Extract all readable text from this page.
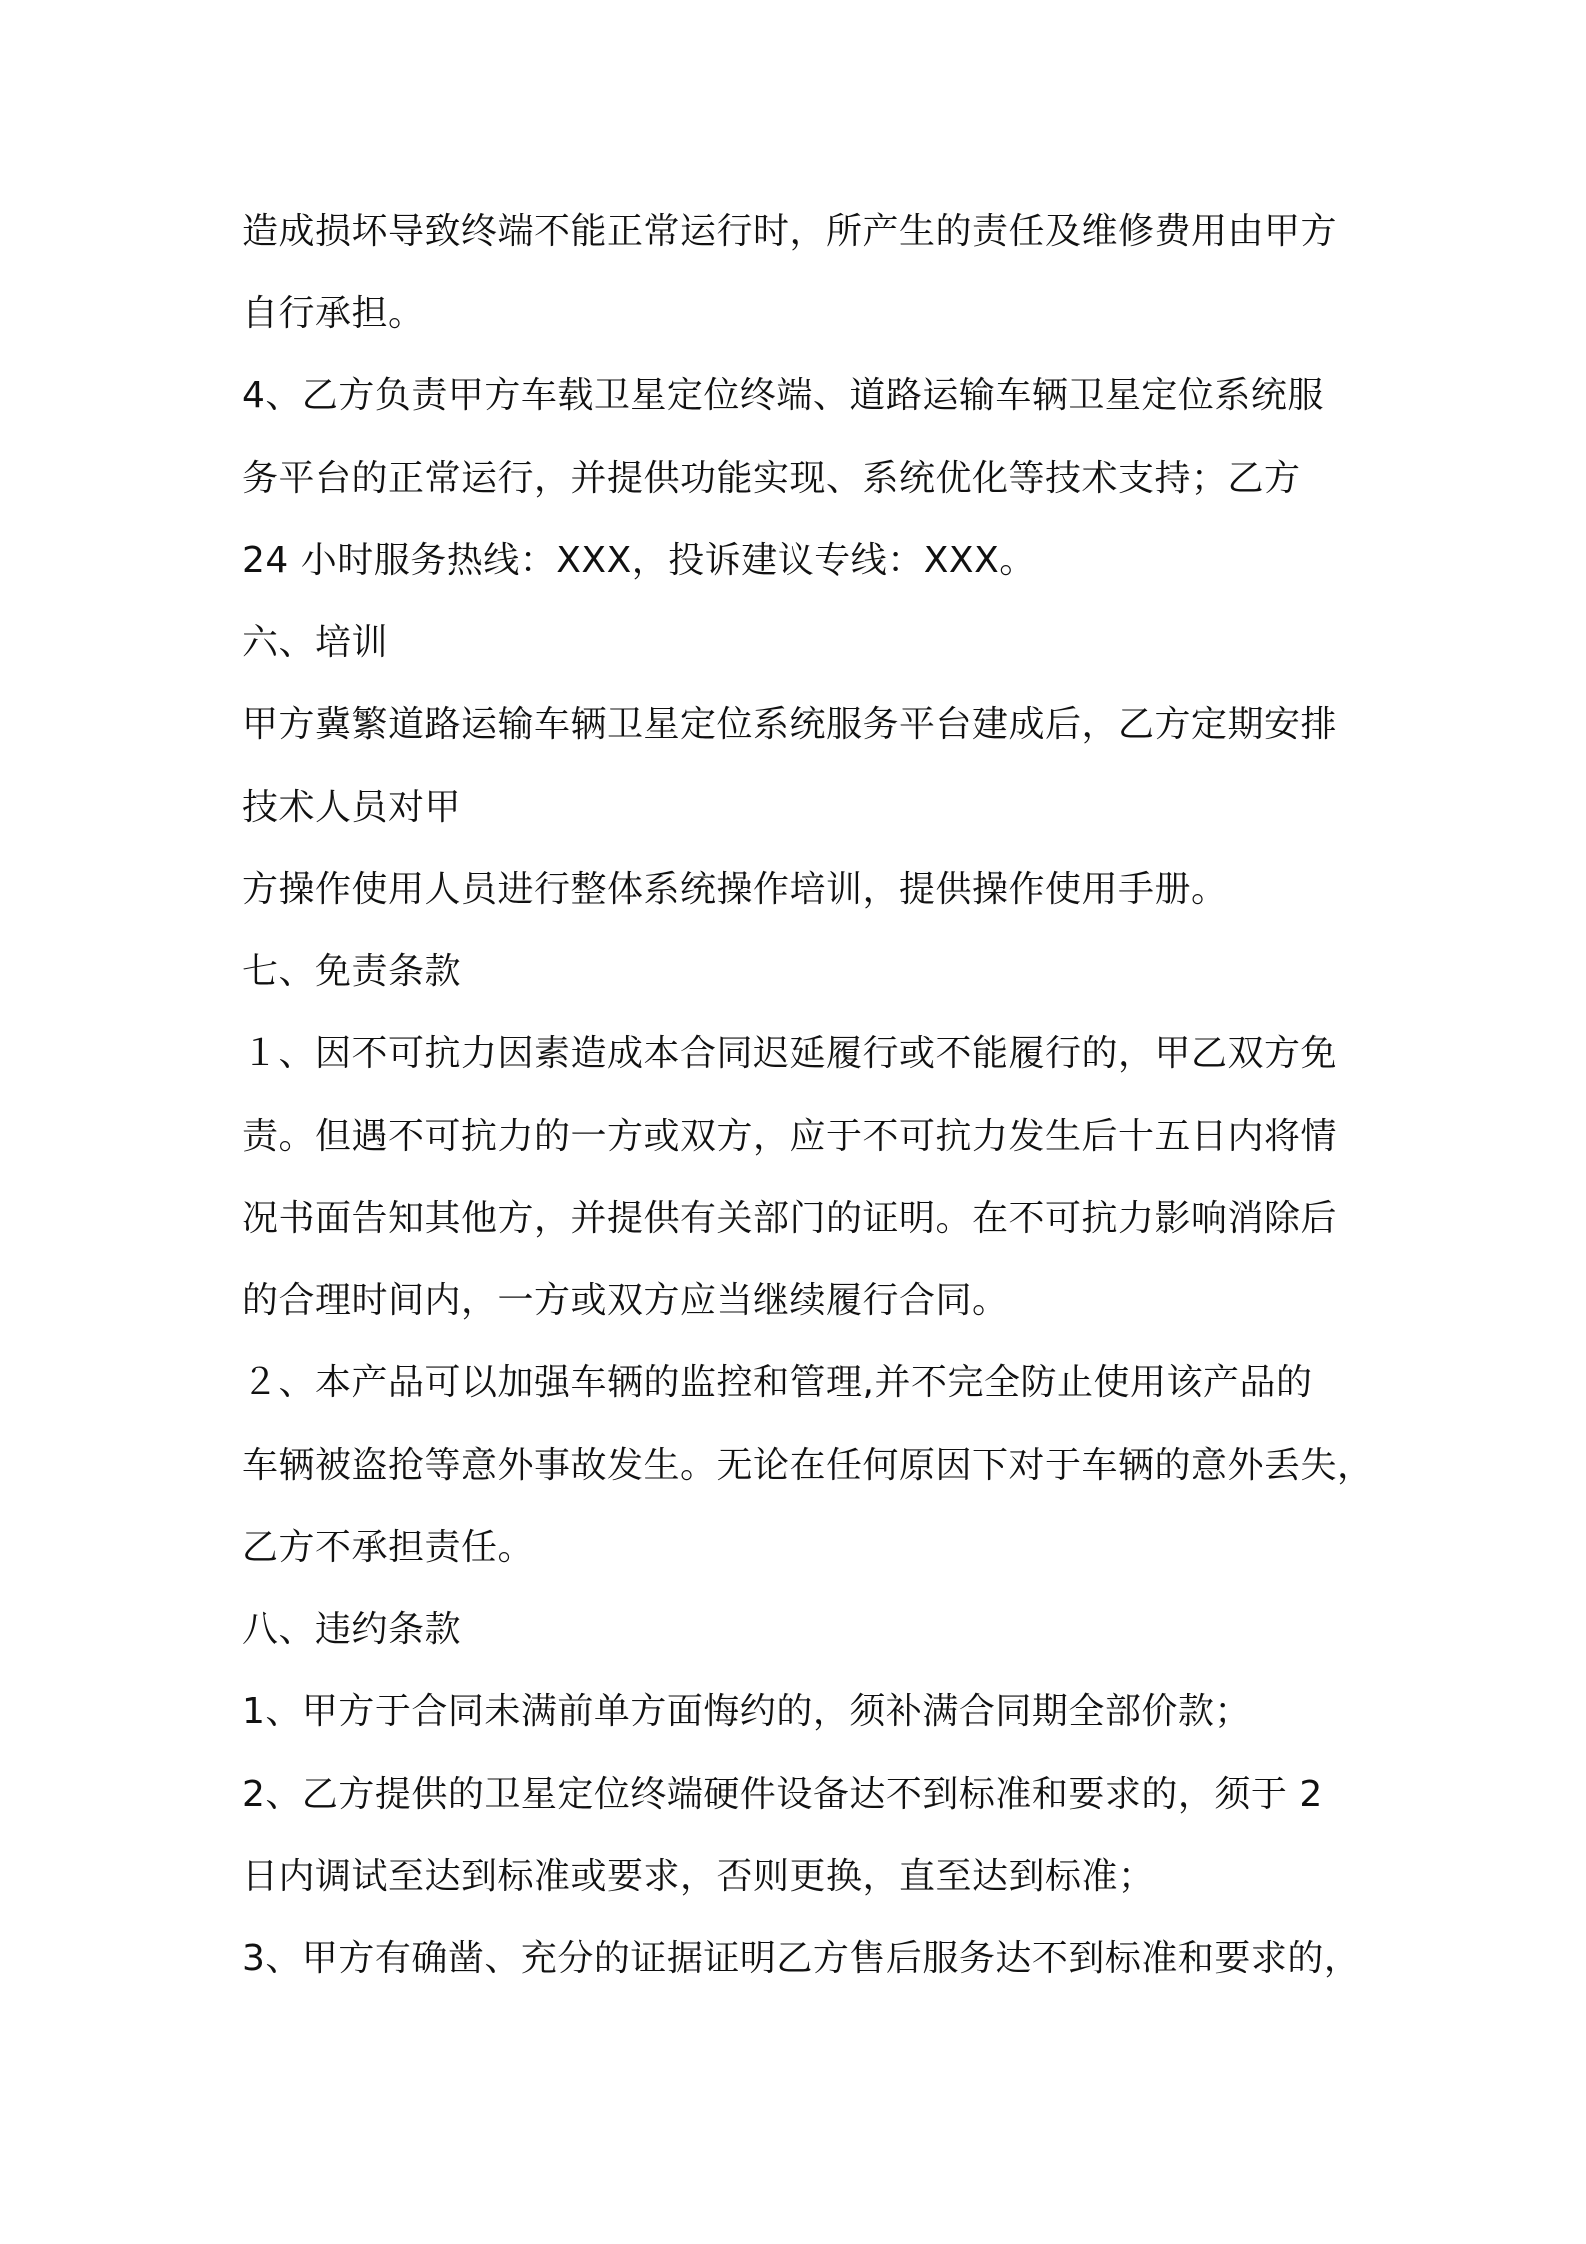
造成损坏导致终端不能正常运行时，所产生的责任及维修费用由甲方
自行承担。
4、乙方负责甲方车载卫星定位终端、道路运输车辆卫星定位系统服
务平台的正常运行，并提供功能实现、系统优化等技术支持；乙方
24 小时服务热线：XXX，投诉建议专线：XXX。
六、培训
甲方冀繁道路运输车辆卫星定位系统服务平台建成后，乙方定期安排
技术人员对甲
方操作使用人员进行整体系统操作培训，提供操作使用手册。
七、免责条款
１、因不可抗力因素造成本合同迟延履行或不能履行的，甲乙双方免
责。但遇不可抗力的一方或双方，应于不可抗力发生后十五日内将情
况书面告知其他方，并提供有关部门的证明。在不可抗力影响消除后
的合理时间内，一方或双方应当继续履行合同。
２、本产品可以加强车辆的监控和管理,并不完全防止使用该产品的
车辆被盗抢等意外事故发生。无论在任何原因下对于车辆的意外丢失，
乙方不承担责任。
八、违约条款
1、甲方于合同未满前单方面悔约的，须补满合同期全部价款；
2、乙方提供的卫星定位终端硬件设备达不到标准和要求的，须于 2
日内调试至达到标准或要求，否则更换，直至达到标准；
3、甲方有确凿、充分的证据证明乙方售后服务达不到标准和要求的，
